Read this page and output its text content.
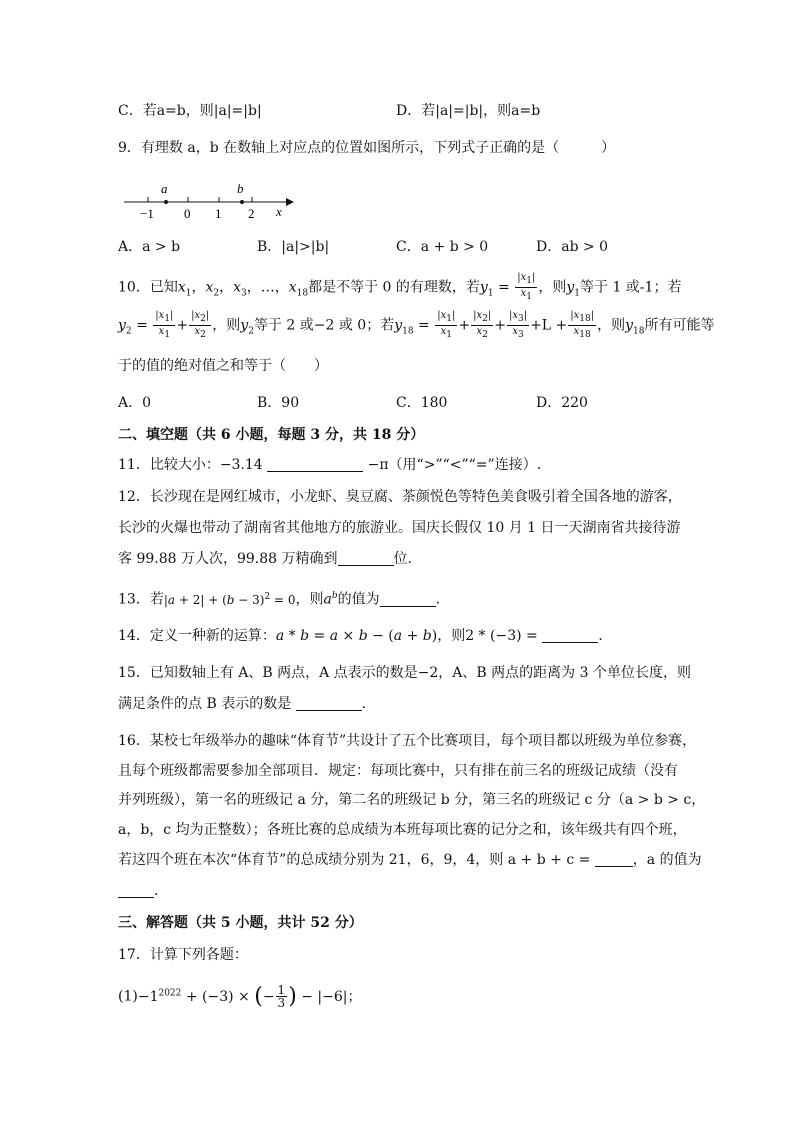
C．若a=b，则|a|=|b|	D．若|a|=|b|，则a=b
9．有理数 a，b 在数轴上对应点的位置如图所示，下列式子正确的是（　　　）
a	b
−1 0 1 2 x
A．a > b	B．|a|>|b|	C．a + b > 0	D．ab > 0
10．已知$x_1$，$x_2$，$x_3$，…，$x_{18}$都是不等于 0 的有理数，若$y_1 = \frac{|x_1|}{x_1}$ ，则$y_1$等于 1 或-1；若
$y_2 = \frac{|x_1|}{x_1} + \frac{|x_2|}{x_2}$ ，则$y_2$等于 2 或−2 或 0；若$y_{18} = \frac{|x_1|}{x_1} + \frac{|x_2|}{x_2} + \frac{|x_3|}{x_3} +L + \frac{|x_{18}|}{x_{18}}$ ，则$y_{18}$所有可能等
于的值的绝对值之和等于（　　）
A．0	B．90	C．180	D．220
二、填空题（共 6 小题，每题 3 分，共 18 分）
11．比较大小：−3.14	−π（用“>”“<”“=”连接）.
12．长沙现在是网红城市，小龙虾、臭豆腐、茶颜悦色等特色美食吸引着全国各地的游客，
长沙的火爆也带动了湖南省其他地方的旅游业。国庆长假仅 10 月 1 日一天湖南省共接待游
客 99.88 万人次，99.88 万精确到	位.
13．若$|a + 2| + (b - 3)^2 = 0$，则$a^b$的值为	.
14．定义一种新的运算：a * b = a × b − (a + b)，则2 * (−3) =	.
15．已知数轴上有 A、B 两点，A 点表示的数是−2，A、B 两点的距离为 3 个单位长度，则
满足条件的点 B 表示的数是	.
16．某校七年级举办的趣味“体育节”共设计了五个比赛项目，每个项目都以班级为单位参赛，
且每个班级都需要参加全部项目．规定：每项比赛中，只有排在前三名的班级记成绩（没有
并列班级），第一名的班级记 a 分，第二名的班级记 b 分，第三名的班级记 c 分（a > b > c，
a，b，c 均为正整数）；各班比赛的总成绩为本班每项比赛的记分之和，该年级共有四个班，
若这四个班在本次“体育节”的总成绩分别为 21，6，9，4，则 a + b + c =	，a 的值为
.
三、解答题（共 5 小题，共计 52 分）
17．计算下列各题：
$(1)-1^{2022} + (-3)$ × (− $\frac{1}{3}$ ) − |−6|；
